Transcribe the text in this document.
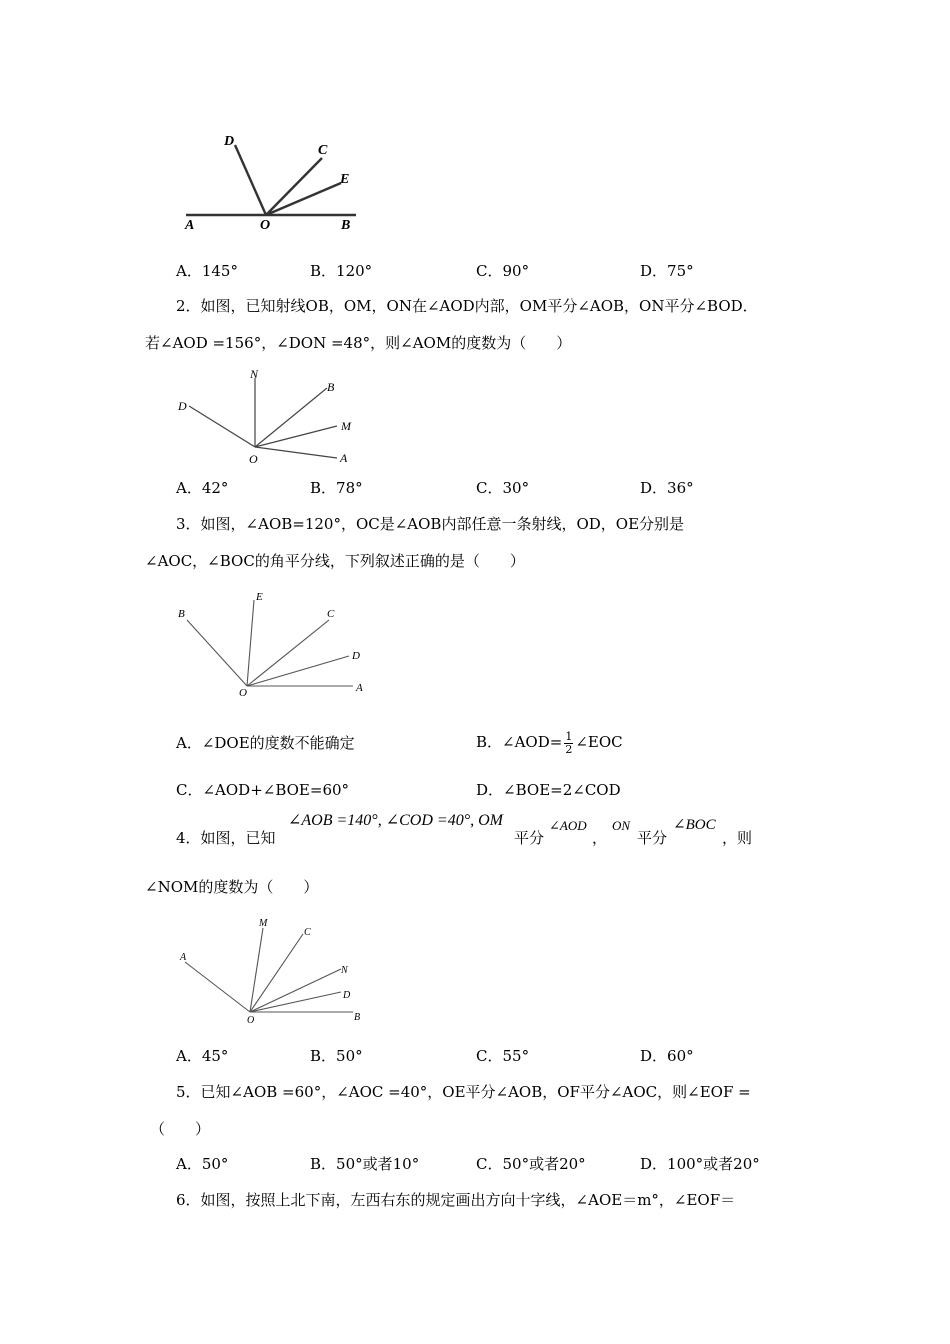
D
C
E
A	O	B
A．145°	B．120°	C．90°	D．75°
2．如图，已知射线OB，OM，ON在∠AOD内部，OM平分∠AOB，ON平分∠BOD．
若∠AOD =156°，∠DON =48°，则∠AOM的度数为（　　）
N
B
D
M
O	A
A．42°	B．78°	C．30°	D．36°
3．如图，∠AOB=120°，OC是∠AOB内部任意一条射线，OD，OE分别是
∠AOC，∠BOC的角平分线，下列叙述正确的是（　　）
B
E
C
D
O	A
A．∠DOE的度数不能确定	B．∠AOD= $\frac{1}{2}$ ∠EOC
C．∠AOD+∠BOE=60°	D．∠BOE=2∠COD
4．如图，已知
∠AOB =140°, ∠COD =40°, OM
平分
∠AOD
，
ON
平分
∠BOC
，则
∠NOM的度数为（　　）
M
C
A
N
D
O	B
A．45°	B．50°	C．55°	D．60°
5．已知∠AOB =60°，∠AOC =40°，OE平分∠AOB，OF平分∠AOC，则∠EOF =
（　　）
A．50°	B．50°或者10°	C．50°或者20°	D．100°或者20°
6．如图，按照上北下南，左西右东的规定画出方向十字线，∠AOE＝m°，∠EOF＝
